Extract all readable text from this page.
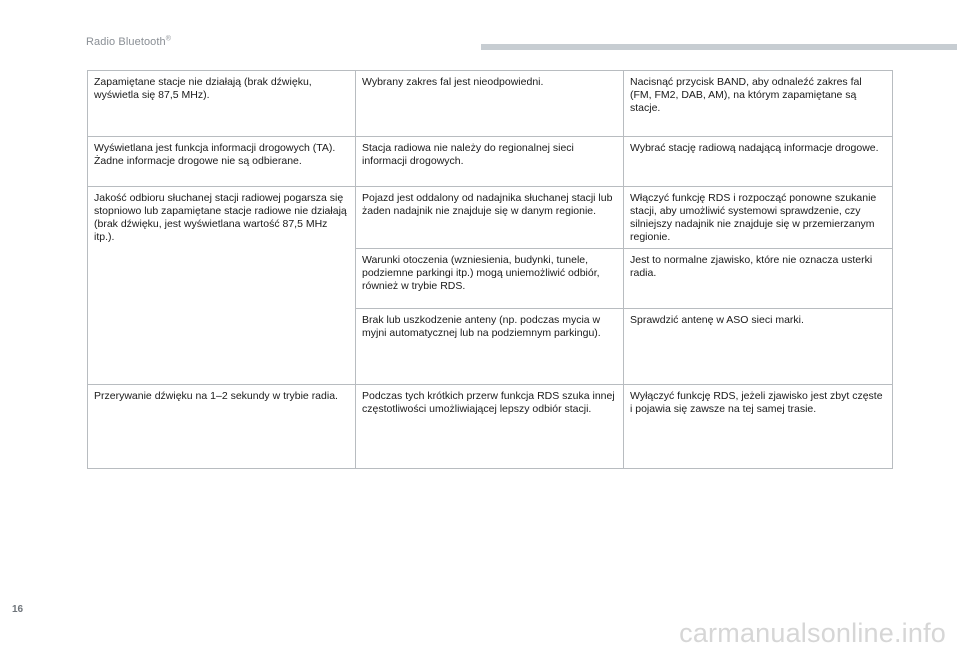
Radio Bluetooth®
Zapamiętane stacje nie działają (brak dźwięku, wyświetla się 87,5 MHz).	Wybrany zakres fal jest nieodpowiedni.	Nacisnąć przycisk BAND, aby odnaleźć zakres fal (FM, FM2, DAB, AM), na którym zapamiętane są stacje.
Wyświetlana jest funkcja informacji drogowych (TA). Żadne informacje drogowe nie są odbierane.	Stacja radiowa nie należy do regionalnej sieci informacji drogowych.	Wybrać stację radiową nadającą informacje drogowe.
Jakość odbioru słuchanej stacji radiowej pogarsza się stopniowo lub zapamiętane stacje radiowe nie działają (brak dźwięku, jest wyświetlana wartość 87,5 MHz itp.).	Pojazd jest oddalony od nadajnika słuchanej stacji lub żaden nadajnik nie znajduje się w danym regionie.	Włączyć funkcję RDS i rozpocząć ponowne szukanie stacji, aby umożliwić systemowi sprawdzenie, czy silniejszy nadajnik nie znajduje się w przemierzanym regionie.
	Warunki otoczenia (wzniesienia, budynki, tunele, podziemne parkingi itp.) mogą uniemożliwić odbiór, również w trybie RDS.	Jest to normalne zjawisko, które nie oznacza usterki radia.
	Brak lub uszkodzenie anteny (np. podczas mycia w myjni automatycznej lub na podziemnym parkingu).	Sprawdzić antenę w ASO sieci marki.
Przerywanie dźwięku na 1–2 sekundy w trybie radia.	Podczas tych krótkich przerw funkcja RDS szuka innej częstotliwości umożliwiającej lepszy odbiór stacji.	Wyłączyć funkcję RDS, jeżeli zjawisko jest zbyt częste i pojawia się zawsze na tej samej trasie.
16
carmanualsonline.info
